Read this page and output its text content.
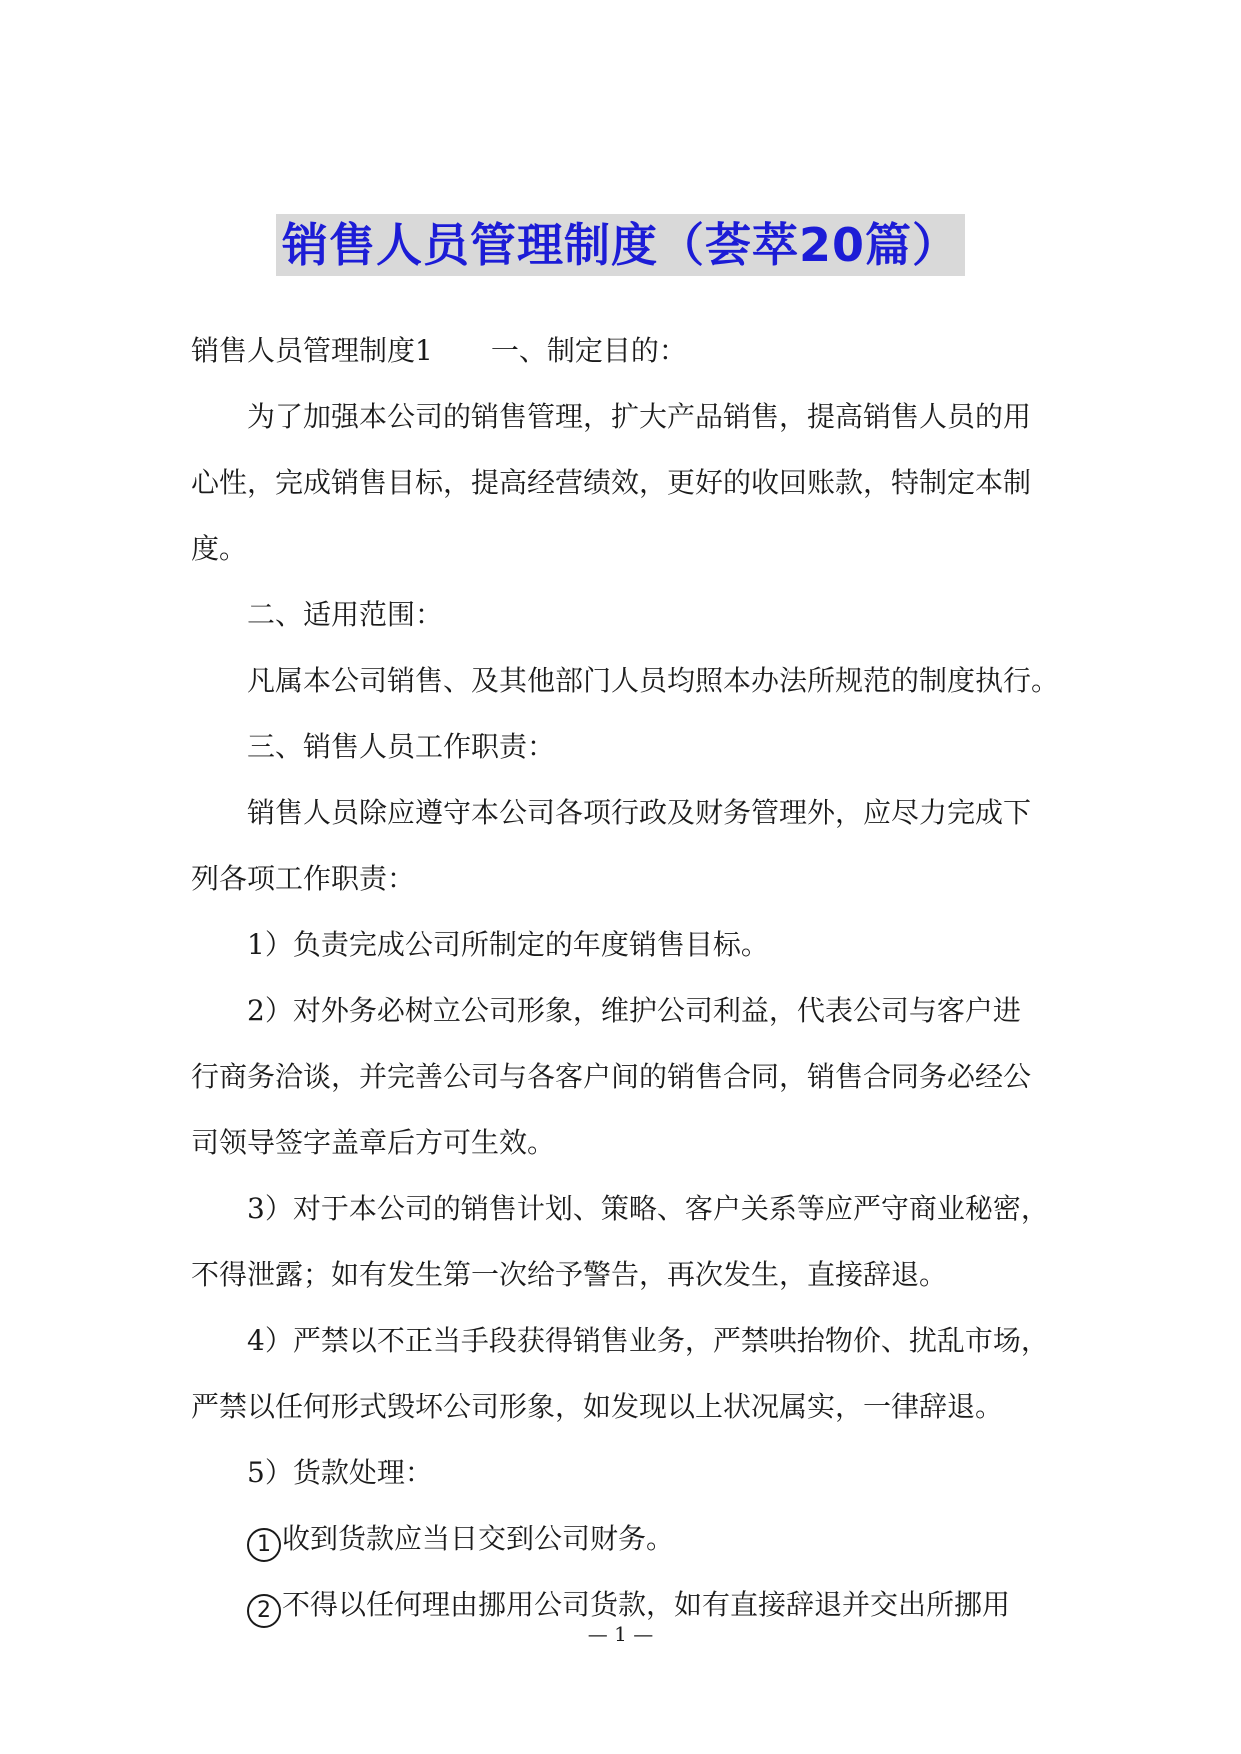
销售人员管理制度（荟萃20篇）

销售人员管理制度1 一、制定目的：

为了加强本公司的销售管理，扩大产品销售，提高销售人员的用

心性，完成销售目标，提高经营绩效，更好的收回账款，特制定本制

度。

二、适用范围：

凡属本公司销售、及其他部门人员均照本办法所规范的制度执行。

三、销售人员工作职责：

销售人员除应遵守本公司各项行政及财务管理外，应尽力完成下

列各项工作职责：

1）负责完成公司所制定的年度销售目标。

2）对外务必树立公司形象，维护公司利益，代表公司与客户进

行商务洽谈，并完善公司与各客户间的销售合同，销售合同务必经公

司领导签字盖章后方可生效。

3）对于本公司的销售计划、策略、客户关系等应严守商业秘密，

不得泄露；如有发生第一次给予警告，再次发生，直接辞退。

4）严禁以不正当手段获得销售业务，严禁哄抬物价、扰乱市场，

严禁以任何形式毁坏公司形象，如发现以上状况属实，一律辞退。

5）货款处理：

1 收到货款应当日交到公司财务。

2 不得以任何理由挪用公司货款，如有直接辞退并交出所挪用

— 1 —
